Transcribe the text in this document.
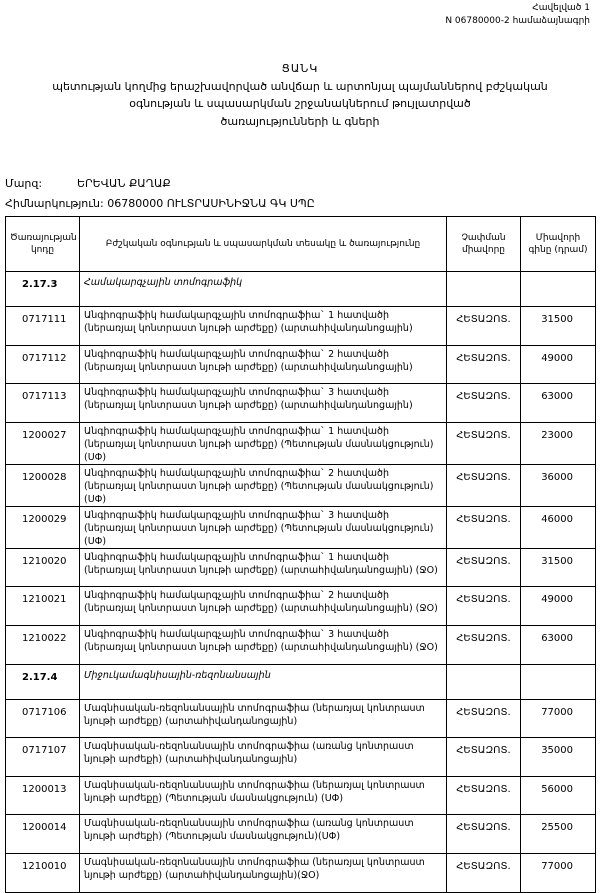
Հավելված 1
N 06780000-2 համաձայնագրի
ՑԱՆԿ
պետության կողմից երաշխավորված անվճար և արտոնյալ պայմաններով բժշկական
օգնության և սպասարկման շրջանակներում թույլատրված
ծառայությունների և գների
Մարզ:	ԵՐԵՎԱՆ ՔԱՂԱՔ
Հիմնարկություն: 06780000 ՈՒԼՏՐԱՍԻՆԻՋՆԱ ԳԿ ՍՊԸ
Ծառայության կոդը	Բժշկական օգնության և սպասարկման տեսակը և ծառայությունը	Չափման միավորը	Միավորի գինը (դրամ)
2.17.3	Համակարգչային տոմոգրաֆիկ		
0717111	Անգիոգրաֆիկ համակարգչային տոմոգրաֆիա` 1 հատվածի (ներառյալ կոնտրաստ նյութի արժեքը) (արտահիվանդանոցային)	ՀԵՏԱԶՈՏ.	31500
0717112	Անգիոգրաֆիկ համակարգչային տոմոգրաֆիա` 2 հատվածի (ներառյալ կոնտրաստ նյութի արժեքը) (արտահիվանդանոցային)	ՀԵՏԱԶՈՏ.	49000
0717113	Անգիոգրաֆիկ համակարգչային տոմոգրաֆիա` 3 հատվածի (ներառյալ կոնտրաստ նյութի արժեքը) (արտահիվանդանոցային)	ՀԵՏԱԶՈՏ.	63000
1200027	Անգիոգրաֆիկ համակարգչային տոմոգրաֆիա` 1 հատվածի (ներառյալ կոնտրաստ նյութի արժեքը) (Պետության մասնակցություն)(ՍՓ)	ՀԵՏԱԶՈՏ.	23000
1200028	Անգիոգրաֆիկ համակարգչային տոմոգրաֆիա` 2 հատվածի (ներառյալ կոնտրաստ նյութի արժեքը) (Պետության մասնակցություն)(ՍՓ)	ՀԵՏԱԶՈՏ.	36000
1200029	Անգիոգրաֆիկ համակարգչային տոմոգրաֆիա` 3 հատվածի (ներառյալ կոնտրաստ նյութի արժեքը) (Պետության մասնակցություն)(ՍՓ)	ՀԵՏԱԶՈՏ.	46000
1210020	Անգիոգրաֆիկ համակարգչային տոմոգրաֆիա` 1 հատվածի (ներառյալ կոնտրաստ նյութի արժեքը) (արտահիվանդանոցային) (ՋՕ)	ՀԵՏԱԶՈՏ.	31500
1210021	Անգիոգրաֆիկ համակարգչային տոմոգրաֆիա` 2 հատվածի (ներառյալ կոնտրաստ նյութի արժեքը) (արտահիվանդանոցային) (ՋՕ)	ՀԵՏԱԶՈՏ.	49000
1210022	Անգիոգրաֆիկ համակարգչային տոմոգրաֆիա` 3 հատվածի (ներառյալ կոնտրաստ նյութի արժեքը) (արտահիվանդանոցային) (ՋՕ)	ՀԵՏԱԶՈՏ.	63000
2.17.4	Միջուկամագնիսային-ռեզոնանսային		
0717106	Մագնիսական-ռեզոնանսային տոմոգրաֆիա (ներառյալ կոնտրաստ նյութի արժեքը) (արտահիվանդանոցային)	ՀԵՏԱԶՈՏ.	77000
0717107	Մագնիսական-ռեզոնանսային տոմոգրաֆիա (առանց կոնտրաստ նյութի արժեքի) (արտահիվանդանոցային)	ՀԵՏԱԶՈՏ.	35000
1200013	Մագնիսական-ռեզոնանսային տոմոգրաֆիա (ներառյալ կոնտրաստ նյութի արժեքը) (Պետության մասնակցություն) (ՍՓ)	ՀԵՏԱԶՈՏ.	56000
1200014	Մագնիսական-ռեզոնանսային տոմոգրաֆիա (առանց կոնտրաստ նյութի արժեքի) (Պետության մասնակցություն)(ՍՓ)	ՀԵՏԱԶՈՏ.	25500
1210010	Մագնիսական-ռեզոնանսային տոմոգրաֆիա (ներառյալ կոնտրաստ նյութի արժեքը) (արտահիվանդանոցային)(ՋՕ)	ՀԵՏԱԶՈՏ.	77000
